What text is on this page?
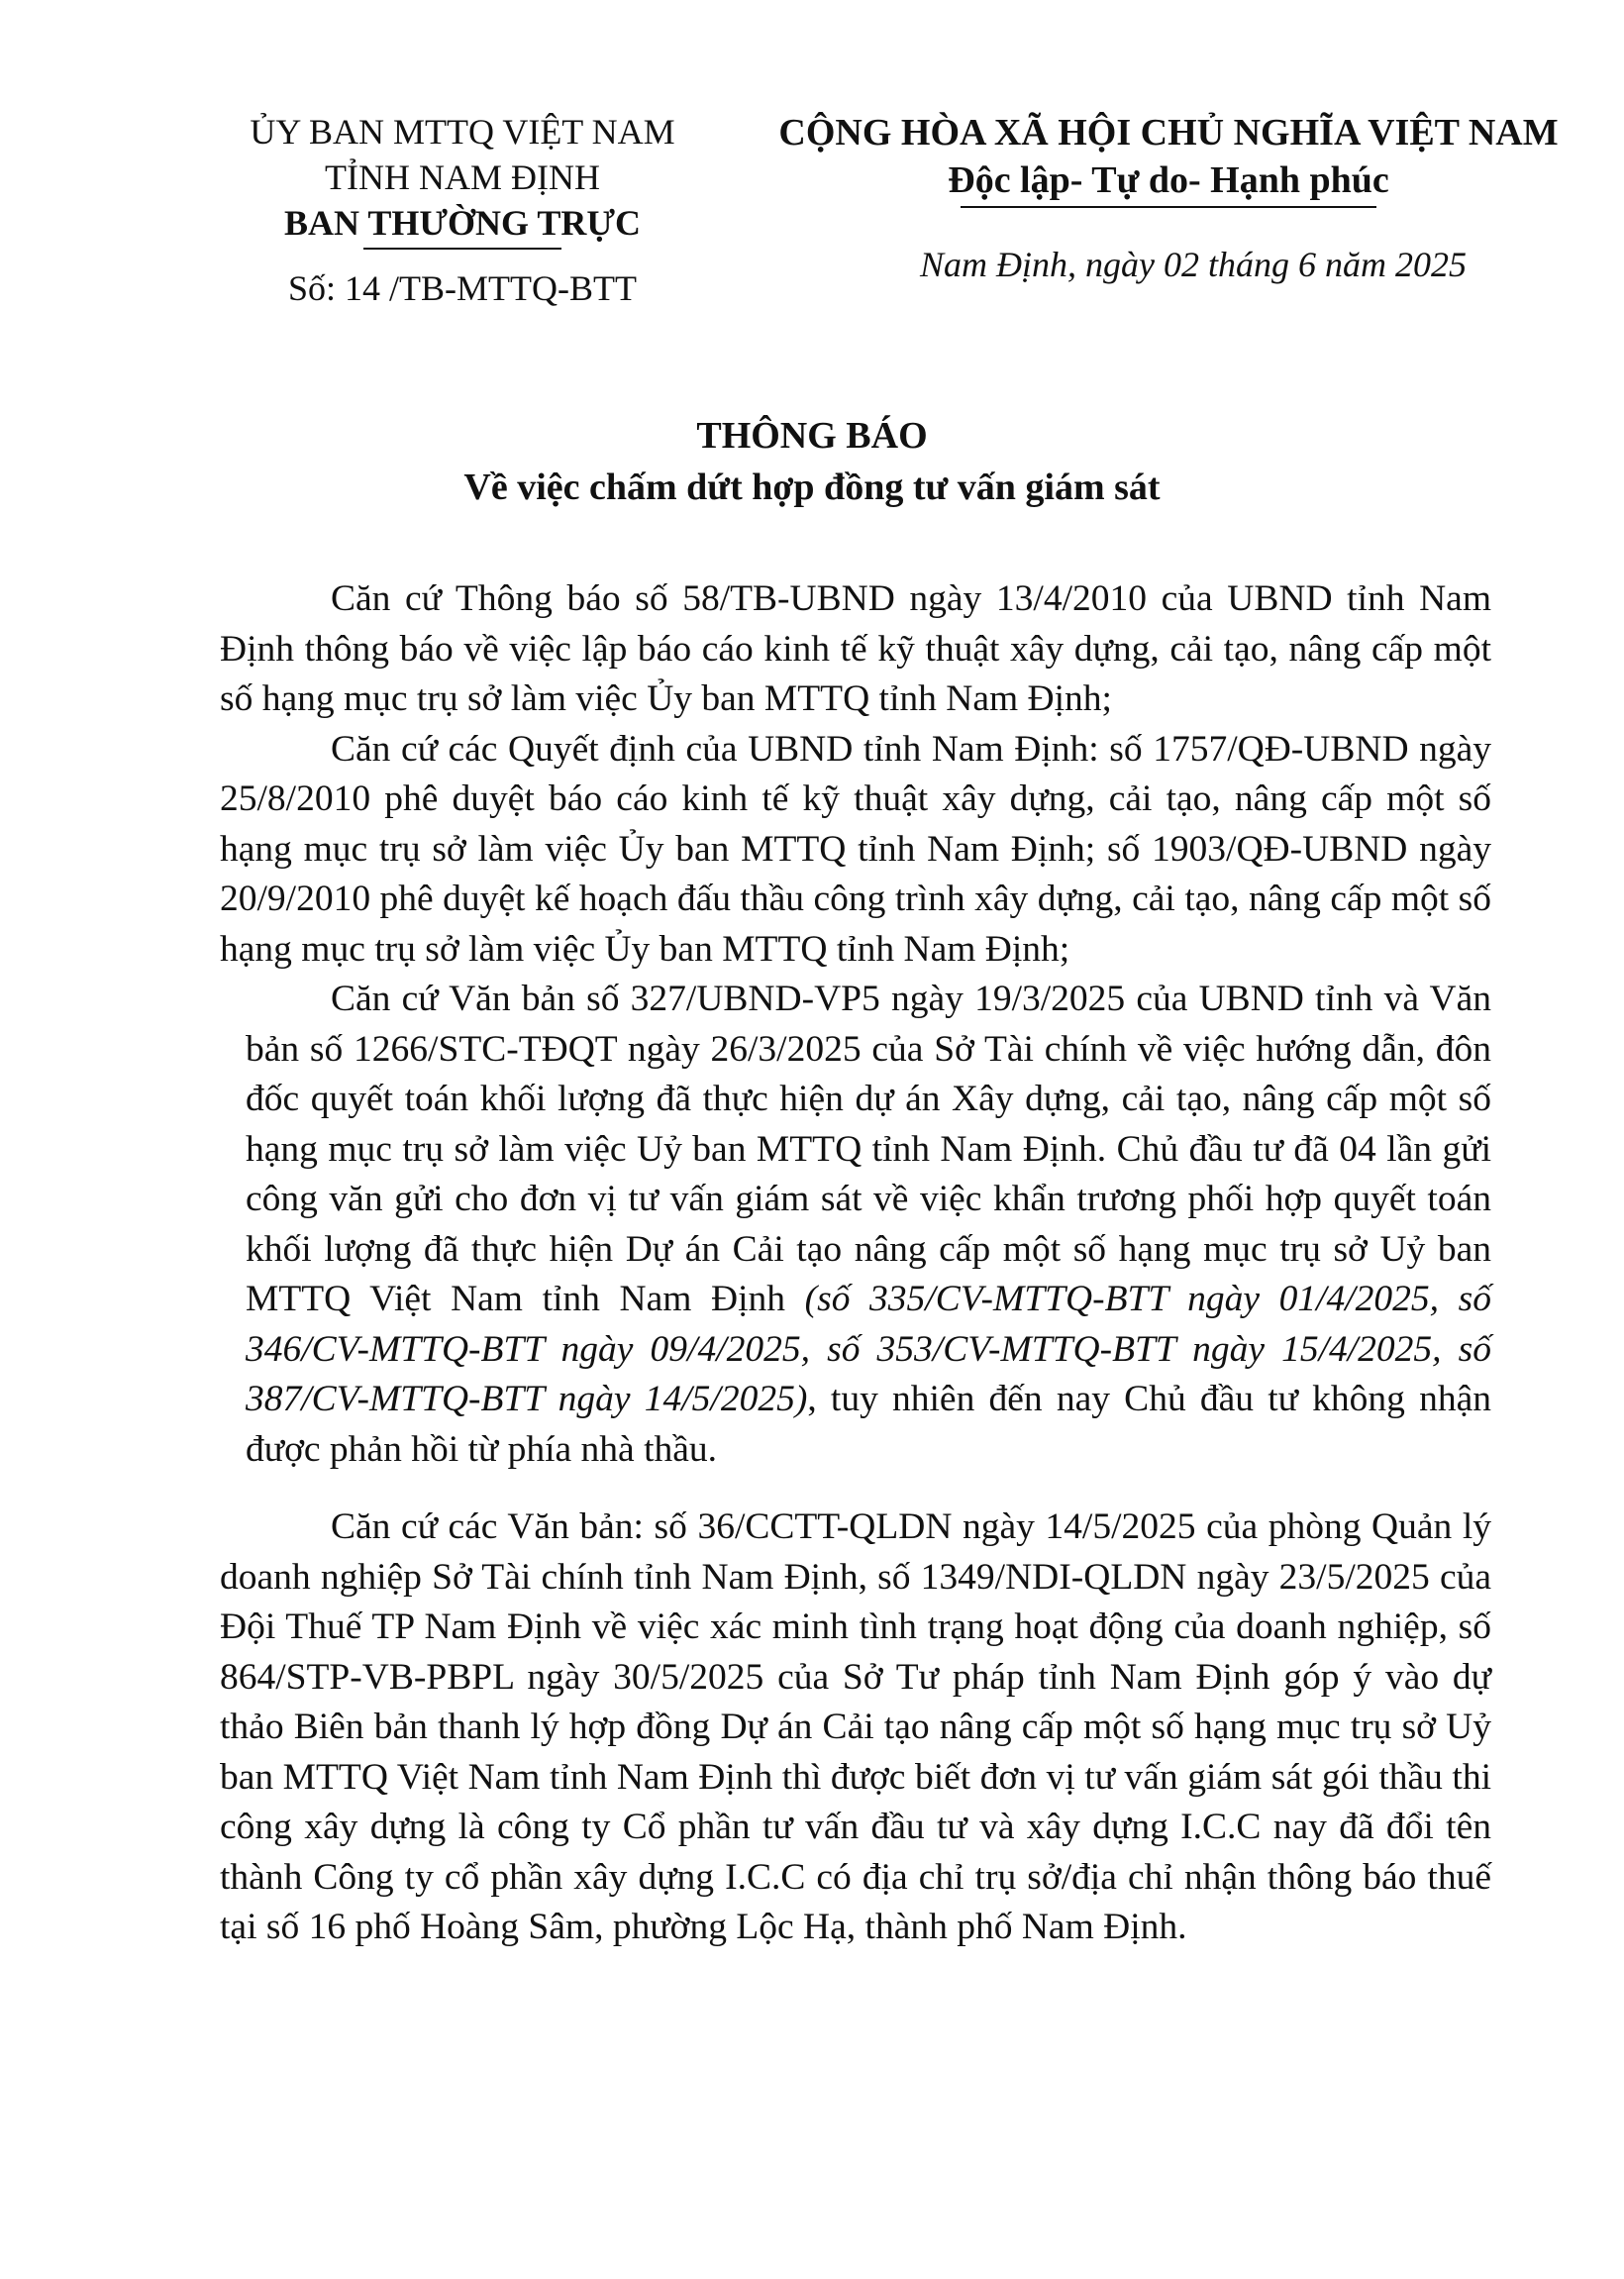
ỦY BAN MTTQ VIỆT NAM
TỈNH NAM ĐỊNH
BAN THƯỜNG TRỰC
Số: 14 /TB-MTTQ-BTT
CỘNG HÒA XÃ HỘI CHỦ NGHĨA VIỆT NAM
Độc lập- Tự do- Hạnh phúc
Nam Định, ngày 02 tháng 6 năm 2025
THÔNG BÁO
Về việc chấm dứt hợp đồng tư vấn giám sát

Căn cứ Thông báo số 58/TB-UBND ngày 13/4/2010 của UBND tỉnh Nam Định thông báo về việc lập báo cáo kinh tế kỹ thuật xây dựng, cải tạo, nâng cấp một số hạng mục trụ sở làm việc Ủy ban MTTQ tỉnh Nam Định;

Căn cứ các Quyết định của UBND tỉnh Nam Định: số 1757/QĐ-UBND ngày 25/8/2010 phê duyệt báo cáo kinh tế kỹ thuật xây dựng, cải tạo, nâng cấp một số hạng mục trụ sở làm việc Ủy ban MTTQ tỉnh Nam Định; số 1903/QĐ-UBND ngày 20/9/2010 phê duyệt kế hoạch đấu thầu công trình xây dựng, cải tạo, nâng cấp một số hạng mục trụ sở làm việc Ủy ban MTTQ tỉnh Nam Định;

Căn cứ Văn bản số 327/UBND-VP5 ngày 19/3/2025 của UBND tỉnh và Văn bản số 1266/STC-TĐQT ngày 26/3/2025 của Sở Tài chính về việc hướng dẫn, đôn đốc quyết toán khối lượng đã thực hiện dự án Xây dựng, cải tạo, nâng cấp một số hạng mục trụ sở làm việc Uỷ ban MTTQ tỉnh Nam Định. Chủ đầu tư đã 04 lần gửi công văn gửi cho đơn vị tư vấn giám sát về việc khẩn trương phối hợp quyết toán khối lượng đã thực hiện Dự án Cải tạo nâng cấp một số hạng mục trụ sở Uỷ ban MTTQ Việt Nam tỉnh Nam Định (số 335/CV-MTTQ-BTT ngày 01/4/2025, số 346/CV-MTTQ-BTT ngày 09/4/2025, số 353/CV-MTTQ-BTT ngày 15/4/2025, số 387/CV-MTTQ-BTT ngày 14/5/2025), tuy nhiên đến nay Chủ đầu tư không nhận được phản hồi từ phía nhà thầu.

Căn cứ các Văn bản: số 36/CCTT-QLDN ngày 14/5/2025 của phòng Quản lý doanh nghiệp Sở Tài chính tỉnh Nam Định, số 1349/NDI-QLDN ngày 23/5/2025 của Đội Thuế TP Nam Định về việc xác minh tình trạng hoạt động của doanh nghiệp, số 864/STP-VB-PBPL ngày 30/5/2025 của Sở Tư pháp tỉnh Nam Định góp ý vào dự thảo Biên bản thanh lý hợp đồng Dự án Cải tạo nâng cấp một số hạng mục trụ sở Uỷ ban MTTQ Việt Nam tỉnh Nam Định thì được biết đơn vị tư vấn giám sát gói thầu thi công xây dựng là công ty Cổ phần tư vấn đầu tư và xây dựng I.C.C nay đã đổi tên thành Công ty cổ phần xây dựng I.C.C có địa chỉ trụ sở/địa chỉ nhận thông báo thuế tại số 16 phố Hoàng Sâm, phường Lộc Hạ, thành phố Nam Định.
